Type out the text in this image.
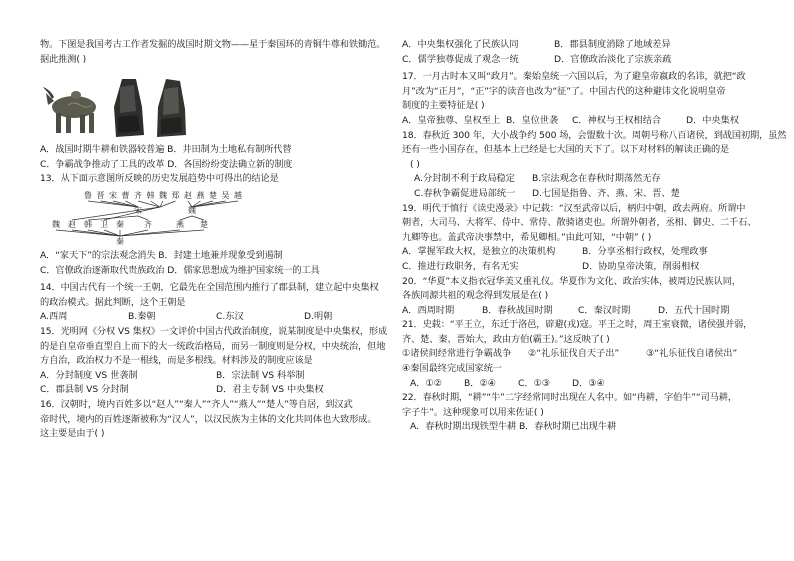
物。下图是我国考古工作者发掘的战国时期文物——星于秦国环的青铜牛尊和铁锄范。
据此推测( )
A．战国时期牛耕和铁器较普遍 B．井田制为土地私有制所代替
C．争霸战争推动了工具的改革 D．各国纷纷变法确立新的制度
13．从下面示意图所反映的历史发展趋势中可得出的结论是
鲁 晋 宋 曹 齐 韩 魏 郑 赵 燕 楚 吴 越
宋	魏
魏 赵 韩 卫 秦	齐	燕 楚
秦
A．“家天下”的宗法观念消失 B．封建土地兼并现象受到遏制
C．官僚政治逐渐取代贵族政治 D．儒家思想成为维护国家统一的工具
14．中国古代有一个统一王朝，它最先在全国范围内推行了郡县制，建立起中央集权
的政治模式。据此判断，这个王朝是
A.西周	B.秦朝	C.东汉	D.明朝
15．光明网《分权 VS 集权》一文评价中国古代政治制度，说某制度是中央集权，形成
的是自皇帝垂直型自上而下的大一统政治格局，而另一制度则是分权，中央统治，但地
方自治，政治权力不是一根线，而是多根线。材料涉及的制度应该是
A．分封制度 VS 世袭制	B．宗法制 VS 科举制
C．郡县制 VS 分封制	D．君主专制 VS 中央集权
16．汉朝时，境内百姓多以“赵人”“秦人”“齐人”“燕人”“楚人”等自居，到汉武
帝时代，境内的百姓逐渐被称为“汉人”，以汉民族为主体的文化共同体也大致形成。
这主要是由于( )
A．中央集权强化了民族认同	B．郡县制度消除了地域差异
C．儒学独尊促成了观念一统	D．官僚政治淡化了宗族亲疏
17．一月古时本又叫“政月”。秦始皇统一六国以后，为了避皇帝嬴政的名讳，就把“政
月”改为“正月”，“正”字的读音也改为“征”了。中国古代的这种避讳文化说明皇帝
制度的主要特征是( )
A．皇帝独尊、皇权至上 B．皇位世袭	C．神权与王权相结合	D．中央集权
18．春秋近 300 年，大小战争约 500 场，会盟数十次。周朝号称八百诸侯，到战国初期，虽然
还有一些小国存在，但基本上已经是七大国的天下了。以下对材料的解读正确的是
( )
A.分封制不利于政局稳定	B.宗法观念在春秋时期荡然无存
C.春秋争霸促进局部统一	D.七国是指鲁、齐、燕、宋、晋、楚
19．明代于慎行《读史漫录》中记载：“汉至武帝以后，柄归中朝，政去两府。所谓中
朝者，大司马、大将军、侍中、常侍、散骑诸吏也。所谓外朝者，丞相、御史、二千石、
九卿等也。盖武帝决事禁中，希见卿相。”由此可知，“中朝” ( )
A．掌握军政大权，是独立的决策机构	B．分享丞相行政权，处理政事
C．推进行政职务，有名无实	D．协助皇帝决策，削弱相权
20．“华夏”本义指衣冠华美又重礼仪。华夏作为文化、政治实体，被周边民族认同，
各族同源共祖的观念得到发展是在( )
A．西周时期	B．春秋战国时期	C．秦汉时期	D．五代十国时期
21．史载：“平王立，东迁于洛邑，辟避(戎)寇。平王之时，周王室衰微，诸侯强并弱，
齐、楚、秦、晋始大，政由方伯(霸王)。”这反映了( )
①诸侯间经常进行争霸战争	②“礼乐征伐自天子出”	③“礼乐征伐自诸侯出”
④秦国最终完成国家统一
A．①②	B．②④	C．①③	D．③④
22．春秋时期，“耕”“牛”二字经常同时出现在人名中。如“冉耕，字伯牛”“司马耕，
字子牛”。这种现象可以用来佐证( )
A．春秋时期出现铁型牛耕 B．春秋时期已出现牛耕
